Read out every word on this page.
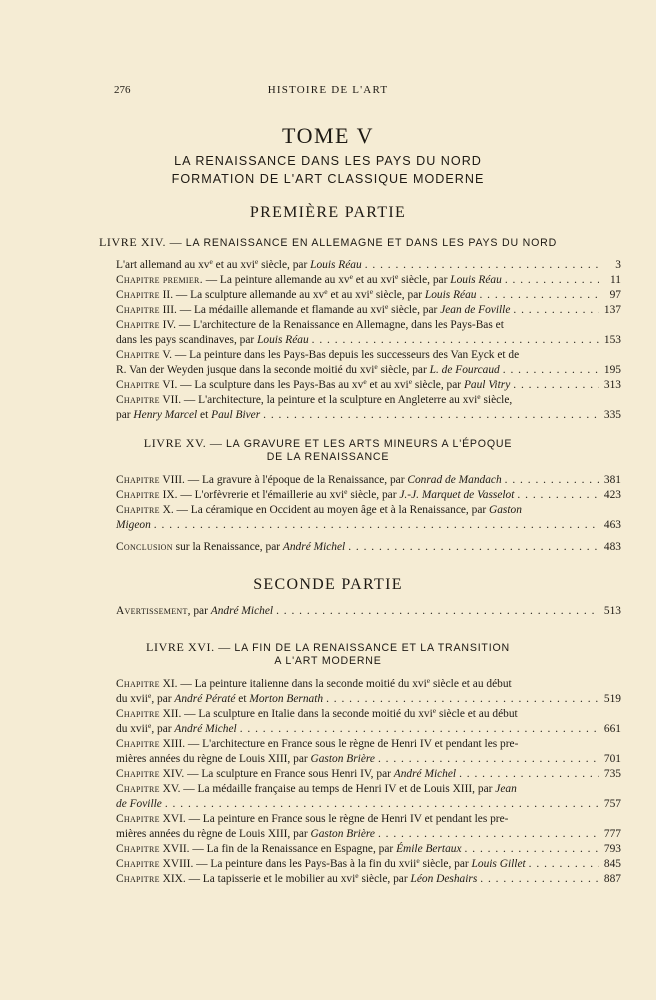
276	HISTOIRE DE L'ART
TOME V
LA RENAISSANCE DANS LES PAYS DU NORD
FORMATION DE L'ART CLASSIQUE MODERNE
PREMIÈRE PARTIE
LIVRE XIV. — LA RENAISSANCE EN ALLEMAGNE ET DANS LES PAYS DU NORD
L'art allemand au $xv^e$ et au xvi$^e$ siècle, par Louis Réau . . .	3
Chapitre premier. — La peinture allemande au $xv^e$ et au xvi$^e$ siècle, par Louis Réau . . .	11
Chapitre II. — La sculpture allemande au $xv^e$ et au xvi$^e$ siècle, par Louis Réau . . .	97
Chapitre III. — La médaille allemande et flamande au xvi$^e$ siècle, par Jean de Foville . . .	137
Chapitre IV. — L'architecture de la Renaissance en Allemagne, dans les Pays-Bas et
dans les pays scandinaves, par Louis Réau . . .	153
Chapitre V. — La peinture dans les Pays-Bas depuis les successeurs des Van Eyck et de
R. Van der Weyden jusque dans la seconde moitié du xvi$^e$ siècle, par L. de Fourcaud . . .	195
Chapitre VI. — La sculpture dans les Pays-Bas au $xv^e$ et au xvi$^e$ siècle, par Paul Vitry . . .	313
Chapitre VII. — L'architecture, la peinture et la sculpture en Angleterre au xvi$^e$ siècle,
par Henry Marcel et Paul Biver . . .	335
LIVRE XV. — LA GRAVURE ET LES ARTS MINEURS A L'ÉPOQUE
DE LA RENAISSANCE
Chapitre VIII. — La gravure à l'époque de la Renaissance, par Conrad de Mandach . . .	381
Chapitre IX. — L'orfèvrerie et l'émaillerie au xvi$^e$ siècle, par J.-J. Marquet de Vasselot . . .	423
Chapitre X. — La céramique en Occident au moyen âge et à la Renaissance, par Gaston
Migeon . . .	463
Conclusion sur la Renaissance, par André Michel . . .	483
SECONDE PARTIE
Avertissement, par André Michel . . .	513
LIVRE XVI. — LA FIN DE LA RENAISSANCE ET LA TRANSITION
A L'ART MODERNE
Chapitre XI. — La peinture italienne dans la seconde moitié du xvi$^e$ siècle et au début
du xvii$^e$, par André Pératé et Morton Bernath . . .	519
Chapitre XII. — La sculpture en Italie dans la seconde moitié du xvi$^e$ siècle et au début
du xvii$^e$, par André Michel . . .	661
Chapitre XIII. — L'architecture en France sous le règne de Henri IV et pendant les pre-
mières années du règne de Louis XIII, par Gaston Brière . . .	701
Chapitre XIV. — La sculpture en France sous Henri IV, par André Michel . . .	735
Chapitre XV. — La médaille française au temps de Henri IV et de Louis XIII, par Jean
de Foville . . .	757
Chapitre XVI. — La peinture en France sous le règne de Henri IV et pendant les pre-
mières années du règne de Louis XIII, par Gaston Brière . . .	777
Chapitre XVII. — La fin de la Renaissance en Espagne, par Émile Bertaux . . .	793
Chapitre XVIII. — La peinture dans les Pays-Bas à la fin du xvii$^e$ siècle, par Louis Gillet . . .	845
Chapitre XIX. — La tapisserie et le mobilier au xvi$^e$ siècle, par Léon Deshairs . . .	887
